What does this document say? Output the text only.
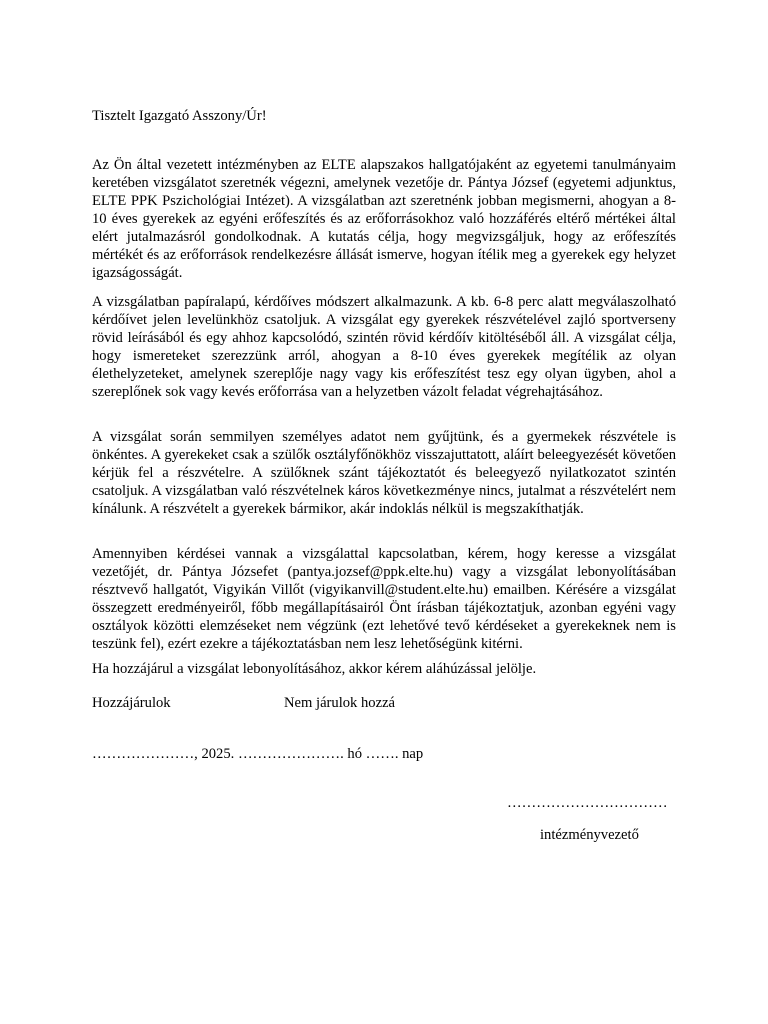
Tisztelt Igazgató Asszony/Úr!

Az Ön által vezetett intézményben az ELTE alapszakos hallgatójaként az egyetemi tanulmányaim keretében vizsgálatot szeretnék végezni, amelynek vezetője dr. Pántya József (egyetemi adjunktus, ELTE PPK Pszichológiai Intézet). A vizsgálatban azt szeretnénk jobban megismerni, ahogyan a 8-10 éves gyerekek az egyéni erőfeszítés és az erőforrásokhoz való hozzáférés eltérő mértékei által elért jutalmazásról gondolkodnak. A kutatás célja, hogy megvizsgáljuk, hogy az erőfeszítés mértékét és az erőforrások rendelkezésre állását ismerve, hogyan ítélik meg a gyerekek egy helyzet igazságosságát.

A vizsgálatban papíralapú, kérdőíves módszert alkalmazunk. A kb. 6-8 perc alatt megválaszolható kérdőívet jelen levelünkhöz csatoljuk. A vizsgálat egy gyerekek részvételével zajló sportverseny rövid leírásából és egy ahhoz kapcsolódó, szintén rövid kérdőív kitöltéséből áll. A vizsgálat célja, hogy ismereteket szerezzünk arról, ahogyan a 8-10 éves gyerekek megítélik az olyan élethelyzeteket, amelynek szereplője nagy vagy kis erőfeszítést tesz egy olyan ügyben, ahol a szereplőnek sok vagy kevés erőforrása van a helyzetben vázolt feladat végrehajtásához.

A vizsgálat során semmilyen személyes adatot nem gyűjtünk, és a gyermekek részvétele is önkéntes. A gyerekeket csak a szülők osztályfőnökhöz visszajuttatott, aláírt beleegyezését követően kérjük fel a részvételre. A szülőknek szánt tájékoztatót és beleegyező nyilatkozatot szintén csatoljuk. A vizsgálatban való részvételnek káros következménye nincs, jutalmat a részvételért nem kínálunk. A részvételt a gyerekek bármikor, akár indoklás nélkül is megszakíthatják.

Amennyiben kérdései vannak a vizsgálattal kapcsolatban, kérem, hogy keresse a vizsgálat vezetőjét, dr. Pántya Józsefet (pantya.jozsef@ppk.elte.hu) vagy a vizsgálat lebonyolításában résztvevő hallgatót, Vigyikán Villőt (vigyikanvill@student.elte.hu) emailben. Kérésére a vizsgálat összegzett eredményeiről, főbb megállapításairól Önt írásban tájékoztatjuk, azonban egyéni vagy osztályok közötti elemzéseket nem végzünk (ezt lehetővé tevő kérdéseket a gyerekeknek nem is teszünk fel), ezért ezekre a tájékoztatásban nem lesz lehetőségünk kitérni.

Ha hozzájárul a vizsgálat lebonyolításához, akkor kérem aláhúzással jelölje.

Hozzájárulok	Nem járulok hozzá
…………………, 2025. …………………. hó ……. nap
……………………………
intézményvezető
